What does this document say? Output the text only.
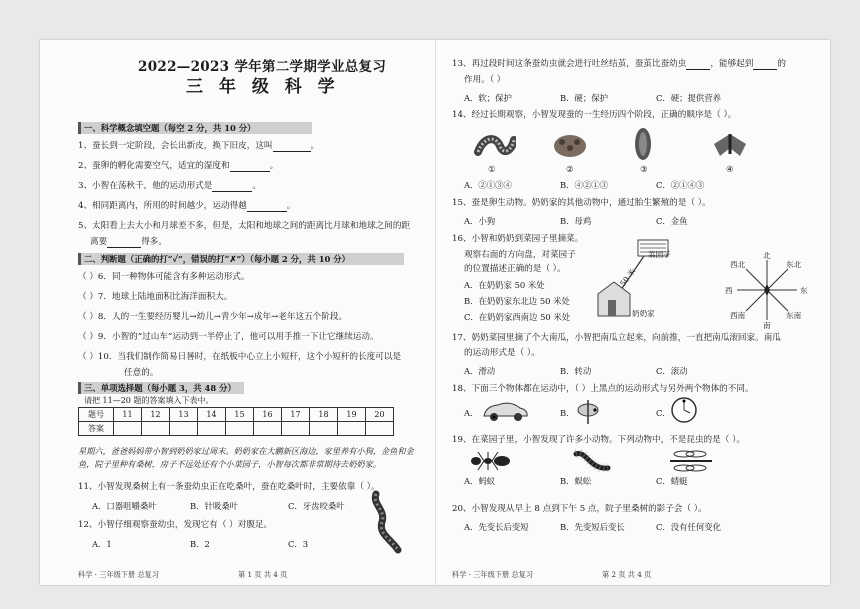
2022—2023 学年第二学期学业总复习
三 年 级 科 学
一、科学概念填空题（每空 2 分，共 10 分）
1、蚕长到一定阶段，会长出新皮，换下旧皮，这叫	。
2、蚕卵的孵化需要空气，适宜的湿度和	。
3、小智在荡秋千，他的运动形式是	。
4、相同距离内，所用的时间越少，运动得越	。
5、太阳看上去大小和月球差不多，但是，太阳和地球之间的距离比月球和地球之间的距
离要	得多。
二、判断题（正确的打“✓”，错误的打“✗”）（每小题 2 分，共 10 分）
（ ）6．同一种物体可能含有多种运动形式。
（ ）7．地球上陆地面积比海洋面积大。
（ ）8．人的一生要经历婴儿→幼儿→青少年→成年→老年这五个阶段。
（ ）9．小智的“过山车”运动到一半停止了，他可以用手推一下让它继续运动。
（ ）10．当我们制作简易日晷时，在纸板中心立上小短杆，这个小短杆的长度可以是
任意的。
三、单项选择题（每小题 3，共 48 分）
请把 11—20 题的答案填入下表中。
题号	11	12	13	14	15	16	17	18	19	20
答案										
星期六，爸爸妈妈带小智到奶奶家过周末。奶奶家在大鹏新区海边，家里养有小狗，金鱼和金鱼，院子里种有桑树，房子不远处还有个小菜园子，小智每次都非常期待去奶奶家。
11、小智发现桑树上有一条蚕幼虫正在吃桑叶，蚕在吃桑叶时，主要依靠（ ）。
A．口器咀嚼桑叶	B．针吸桑叶	C．牙齿咬桑叶
12、小智仔细观察蚕幼虫，发现它有（ ）对腹足。
A．1	B．2	C．3
科学 · 三年级下册 总复习	第 1 页 共 4 页
13、再过段时间这条蚕幼虫就会进行吐丝结茧，蚕茧比蚕幼虫	，能够起到	的
作用。（ ）
A．软；保护	B．硬；保护	C．硬；提供营养
14、经过长期观察，小智发现蚕的一生经历四个阶段，正确的顺序是（ ）。
①	②	③	④
A．②①③④	B．④②①③	C．②①④③
15、蚕是卵生动物。奶奶家的其他动物中，通过胎生繁殖的是（ ）。
A．小狗	B．母鸡	C．金鱼
16、小智和奶奶到菜园子里摘菜。
观察右面的方向盘，对菜园子
的位置描述正确的是（ ）。
A．在奶奶家 50 米处
B．在奶奶家东北边 50 米处
C．在奶奶家西南边 50 米处
菜园子
50 米
奶奶家
北
南
东
西
东北
西北
东南
西南
17、奶奶菜园里摘了个大南瓜，小智把南瓜立起来，向前推，一直把南瓜滚回家。南瓜
的运动形式是（ ）。
A．滑动	B．转动	C．滚动
18、下面三个物体都在运动中，（ ）上黑点的运动形式与另外两个物体的不同。
A.	B.	C.
19、在菜园子里，小智发现了许多小动物。下列动物中，不是昆虫的是（ ）。
A．蚂蚁	B．蜈蚣	C．蜻蜓
20、小智发现从早上 8 点到下午 5 点，院子里桑树的影子会（ ）。
A．先变长后变短	B．先变短后变长	C．没有任何变化
科学 · 三年级下册 总复习	第 2 页 共 4 页
